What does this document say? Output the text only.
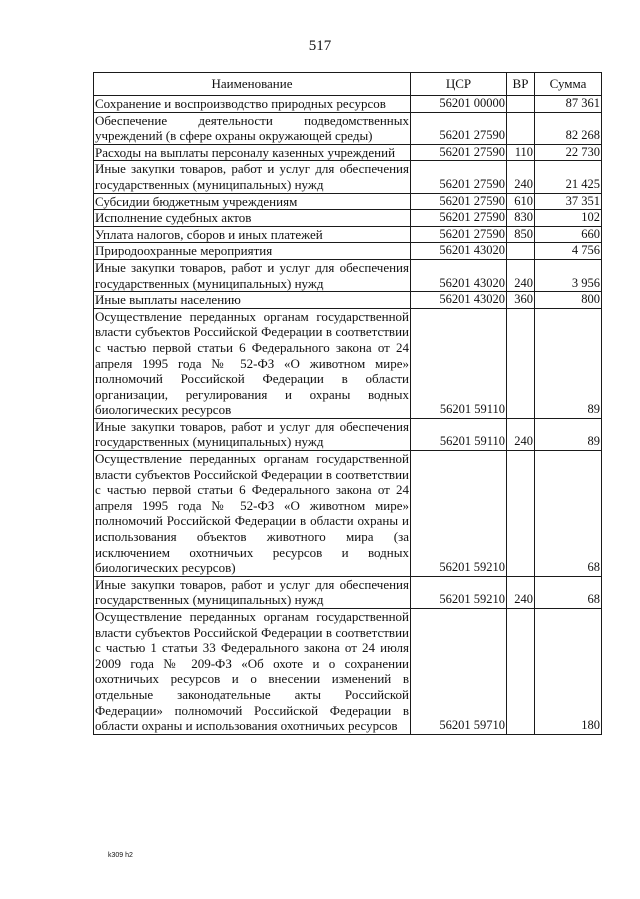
517
Наименование	ЦСР	ВР	Сумма
Сохранение и воспроизводство природных ресурсов	56201 00000		87 361
Обеспечение деятельности подведомственных учреждений (в сфере охраны окружающей среды)	56201 27590		82 268
Расходы на выплаты персоналу казенных учреждений	56201 27590	110	22 730
Иные закупки товаров, работ и услуг для обеспечения государственных (муниципальных) нужд	56201 27590	240	21 425
Субсидии бюджетным учреждениям	56201 27590	610	37 351
Исполнение судебных актов	56201 27590	830	102
Уплата налогов, сборов и иных платежей	56201 27590	850	660
Природоохранные мероприятия	56201 43020		4 756
Иные закупки товаров, работ и услуг для обеспечения государственных (муниципальных) нужд	56201 43020	240	3 956
Иные выплаты населению	56201 43020	360	800
Осуществление переданных органам государственной власти субъектов Российской Федерации в соответствии с частью первой статьи 6 Федерального закона от 24 апреля 1995 года № 52-ФЗ «О животном мире» полномочий Российской Федерации в области организации, регулирования и охраны водных биологических ресурсов	56201 59110		89
Иные закупки товаров, работ и услуг для обеспечения государственных (муниципальных) нужд	56201 59110	240	89
Осуществление переданных органам государственной власти субъектов Российской Федерации в соответствии с частью первой статьи 6 Федерального закона от 24 апреля 1995 года № 52-ФЗ «О животном мире» полномочий Российской Федерации в области охраны и использования объектов животного мира (за исключением охотничьих ресурсов и водных биологических ресурсов)	56201 59210		68
Иные закупки товаров, работ и услуг для обеспечения государственных (муниципальных) нужд	56201 59210	240	68
Осуществление переданных органам государственной власти субъектов Российской Федерации в соответствии с частью 1 статьи 33 Федерального закона от 24 июля 2009 года № 209-ФЗ «Об охоте и о сохранении охотничьих ресурсов и о внесении изменений в отдельные законодательные акты Российской Федерации» полномочий Российской Федерации в области охраны и использования охотничьих ресурсов	56201 59710		180
k309 h2
